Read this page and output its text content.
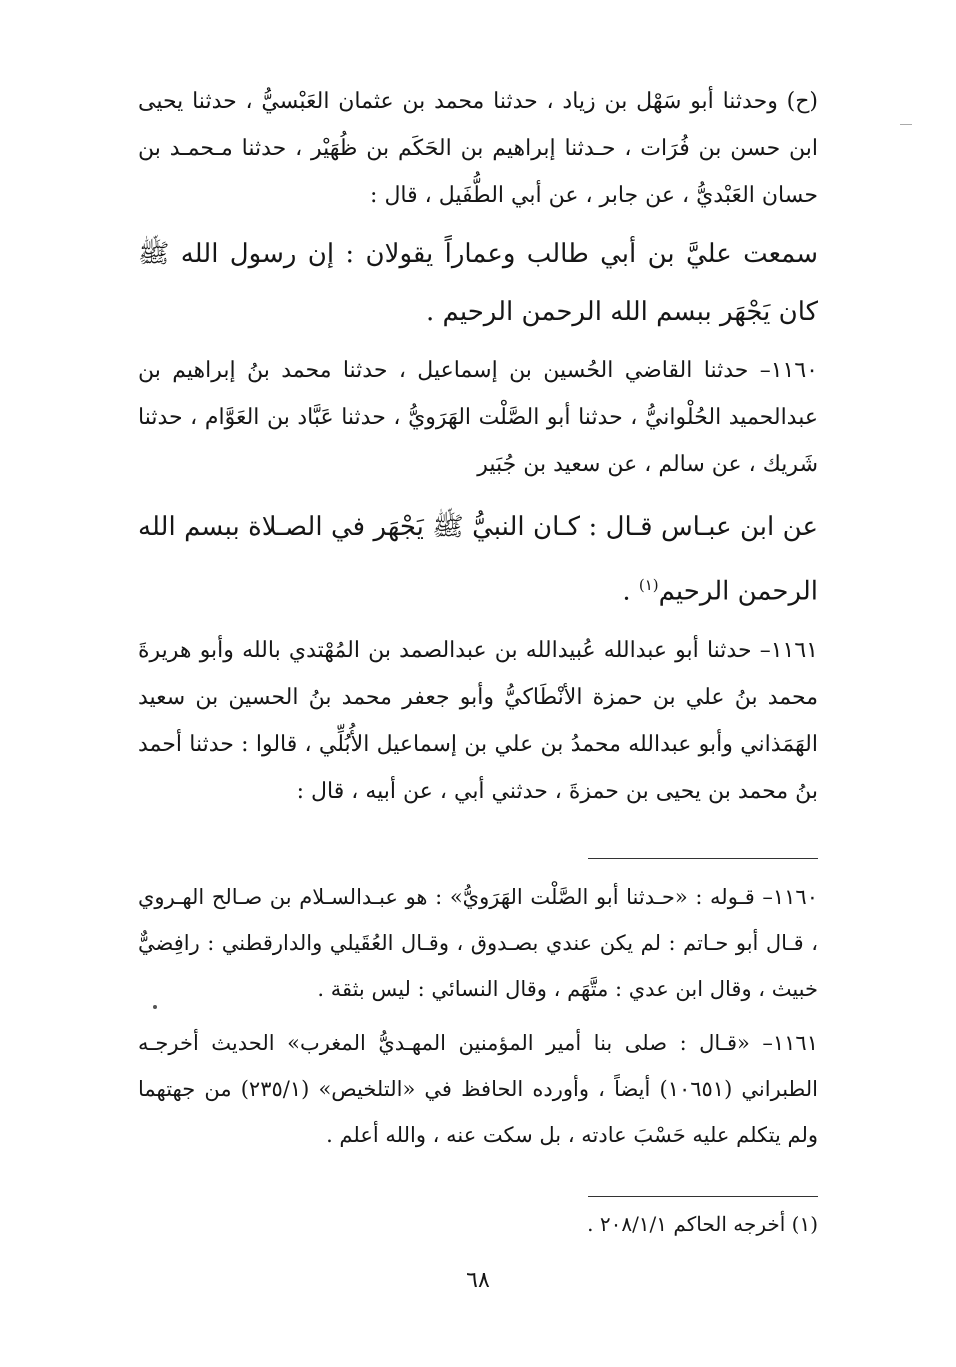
(ح) وحدثنا أبو سَهْل بن زياد ، حدثنا محمد بن عثمان العَبْسيُّ ، حدثنا يحيى ابن حسن بن فُرَات ، حـدثنا إبراهيم بن الحَكَم بن ظُهَيْر ، حدثنا مـحمـد بن حسان العَبْديُّ ، عن جابر ، عن أبي الطُّفَيل ، قال :

سمعت عليَّ بن أبي طالب وعماراً يقولان : إن رسول الله ﷺ كان يَجْهَر ببسم الله الرحمن الرحيم .

١١٦٠– حدثنا القاضي الحُسين بن إسماعيل ، حدثنا محمد بنُ إبراهيم بن عبدالحميد الحُلْوانيُّ ، حدثنا أبو الصَّلْت الهَرَويُّ ، حدثنا عَبَّاد بن العَوَّام ، حدثنا شَريك ، عن سالم ، عن سعيد بن جُبَير

عن ابن عبـاس قـال : كـان النبيُّ ﷺ يَجْهَر في الصـلاة ببسم الله الرحمن الرحيم$^{(١)}$ .

١١٦١– حدثنا أبو عبدالله عُبيدالله بن عبدالصمد بن المُهْتدي بالله وأبو هريرةَ محمد بنُ علي بن حمزة الأنْطَاكيُّ وأبو جعفر محمد بنُ الحسين بن سعيد الهَمَذاني وأبو عبدالله محمدُ بن علي بن إسماعيل الأُبُلِّي ، قالوا : حدثنا أحمد بنُ محمد بن يحيى بن حمزةَ ، حدثني أبي ، عن أبيه ، قال :

١١٦٠– قـوله : «حـدثنا أبو الصَّلْت الهَرَويُّ» : هو عبـدالسـلام بن صـالح الهـروي ، قـال أبو حـاتم : لم يكن عندي بصـدوق ، وقـال العُقَيلي والدارقطني : رافِضيٌّ خبيث ، وقال ابن عدي : متَّهَم ، وقال النسائي : ليس بثقة .

١١٦١– «قـال : صلى بنا أمير المؤمنين المهـديُّ المغرب» الحديث أخرجـه الطبراني (١٠٦٥١) أيضاً ، وأورده الحافظ في «التلخيص» (٢٣٥/١) من جهتهما ولم يتكلم عليه حَسْبَ عادته ، بل سكت عنه ، والله أعلم .

(١) أخرجه الحاكم ٢٠٨/١/١ .

٦٨
